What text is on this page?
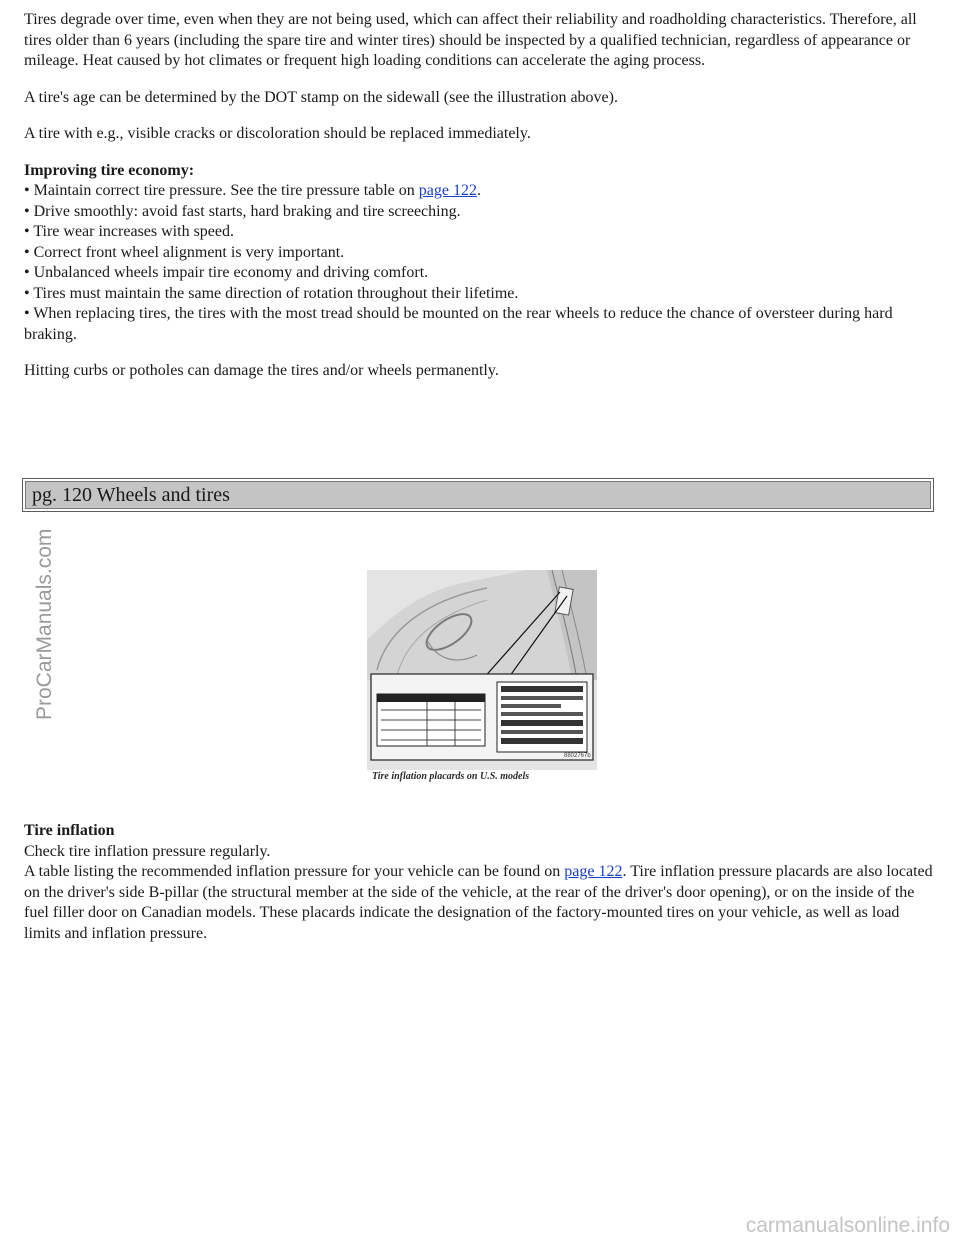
Tires degrade over time, even when they are not being used, which can affect their reliability and roadholding characteristics. Therefore, all tires older than 6 years (including the spare tire and winter tires) should be inspected by a qualified technician, regardless of appearance or mileage. Heat caused by hot climates or frequent high loading conditions can accelerate the aging process.

A tire's age can be determined by the DOT stamp on the sidewall (see the illustration above).

A tire with e.g., visible cracks or discoloration should be replaced immediately.

Improving tire economy:
• Maintain correct tire pressure. See the tire pressure table on page 122.
• Drive smoothly: avoid fast starts, hard braking and tire screeching.
• Tire wear increases with speed.
• Correct front wheel alignment is very important.
• Unbalanced wheels impair tire economy and driving comfort.
• Tires must maintain the same direction of rotation throughout their lifetime.
• When replacing tires, the tires with the most tread should be mounted on the rear wheels to reduce the chance of oversteer during hard braking.

Hitting curbs or potholes can damage the tires and/or wheels permanently.

pg. 120 Wheels and tires
ProCarManuals.com
Tire inflation placards on U.S. models
8802767b
Tire inflation
Check tire inflation pressure regularly.
A table listing the recommended inflation pressure for your vehicle can be found on page 122. Tire inflation pressure placards are also located on the driver's side B-pillar (the structural member at the side of the vehicle, at the rear of the driver's door opening), or on the inside of the fuel filler door on Canadian models. These placards indicate the designation of the factory-mounted tires on your vehicle, as well as load limits and inflation pressure.
carmanualsonline.info
